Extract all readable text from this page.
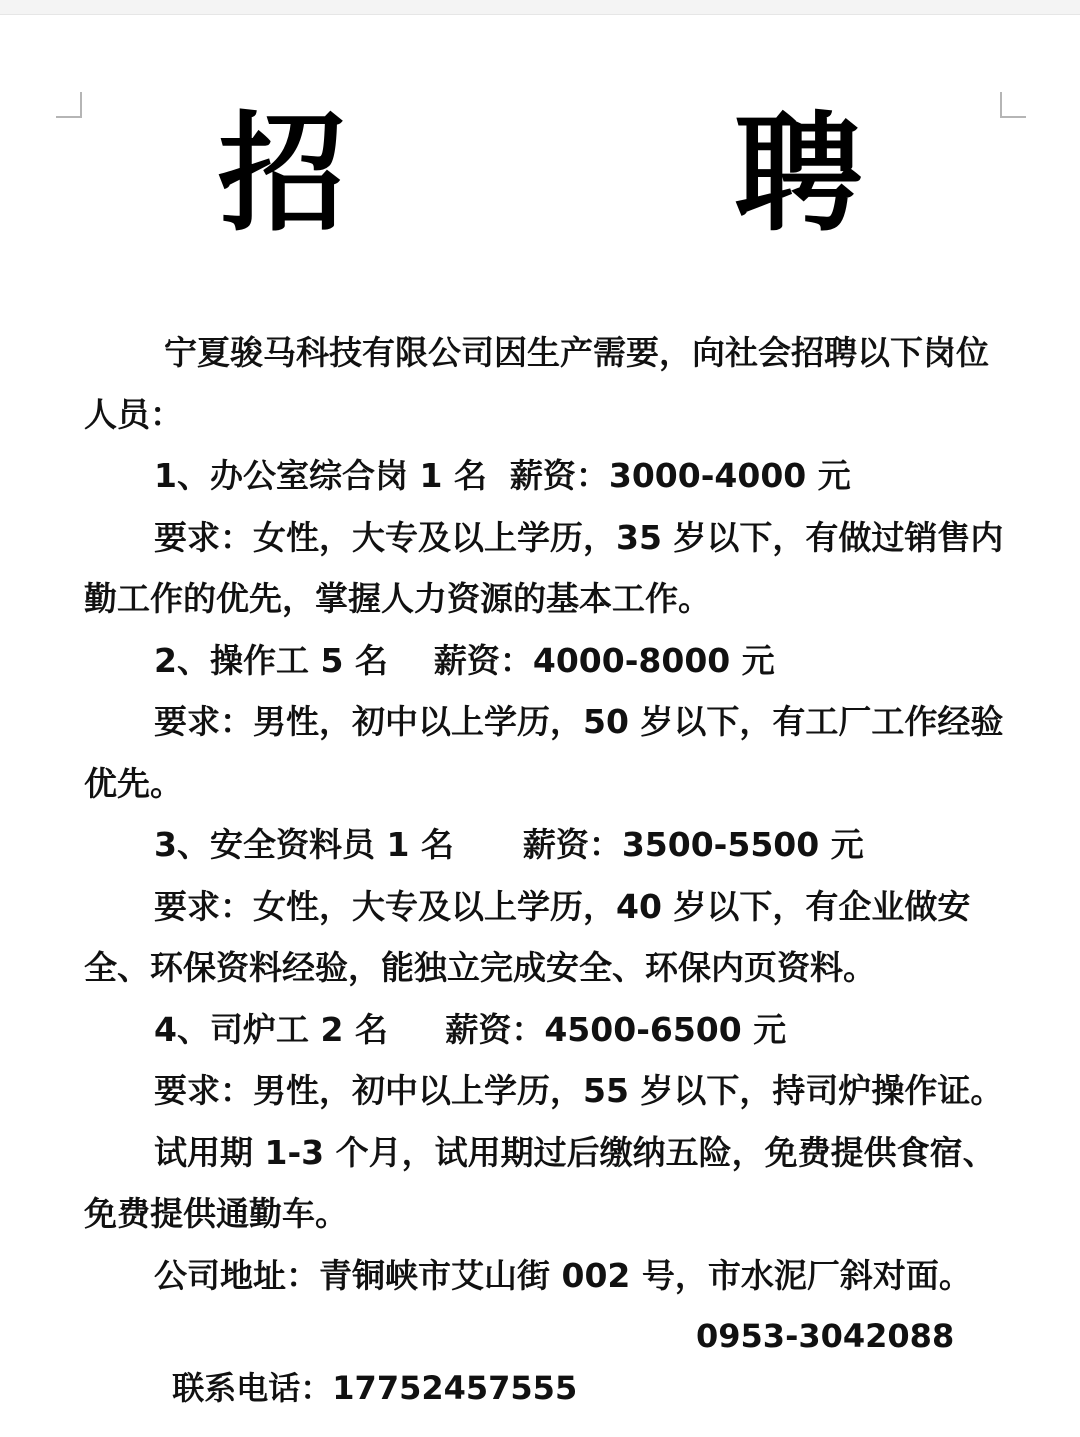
招　聘

宁夏骏马科技有限公司因生产需要，向社会招聘以下岗位人员：

1、办公室综合岗 1 名  薪资：3000-4000 元

要求：女性，大专及以上学历，35 岁以下，有做过销售内勤工作的优先，掌握人力资源的基本工作。

2、操作工 5 名    薪资：4000-8000 元

要求：男性，初中以上学历，50 岁以下，有工厂工作经验优先。

3、安全资料员 1 名      薪资：3500-5500 元

要求：女性，大专及以上学历，40 岁以下，有企业做安全、环保资料经验，能独立完成安全、环保内页资料。

4、司炉工 2 名     薪资：4500-6500 元

要求：男性，初中以上学历，55 岁以下，持司炉操作证。

试用期 1-3 个月，试用期过后缴纳五险，免费提供食宿、免费提供通勤车。

公司地址：青铜峡市艾山街 002 号，市水泥厂斜对面。

联系电话：17752457555

0953-3042088
